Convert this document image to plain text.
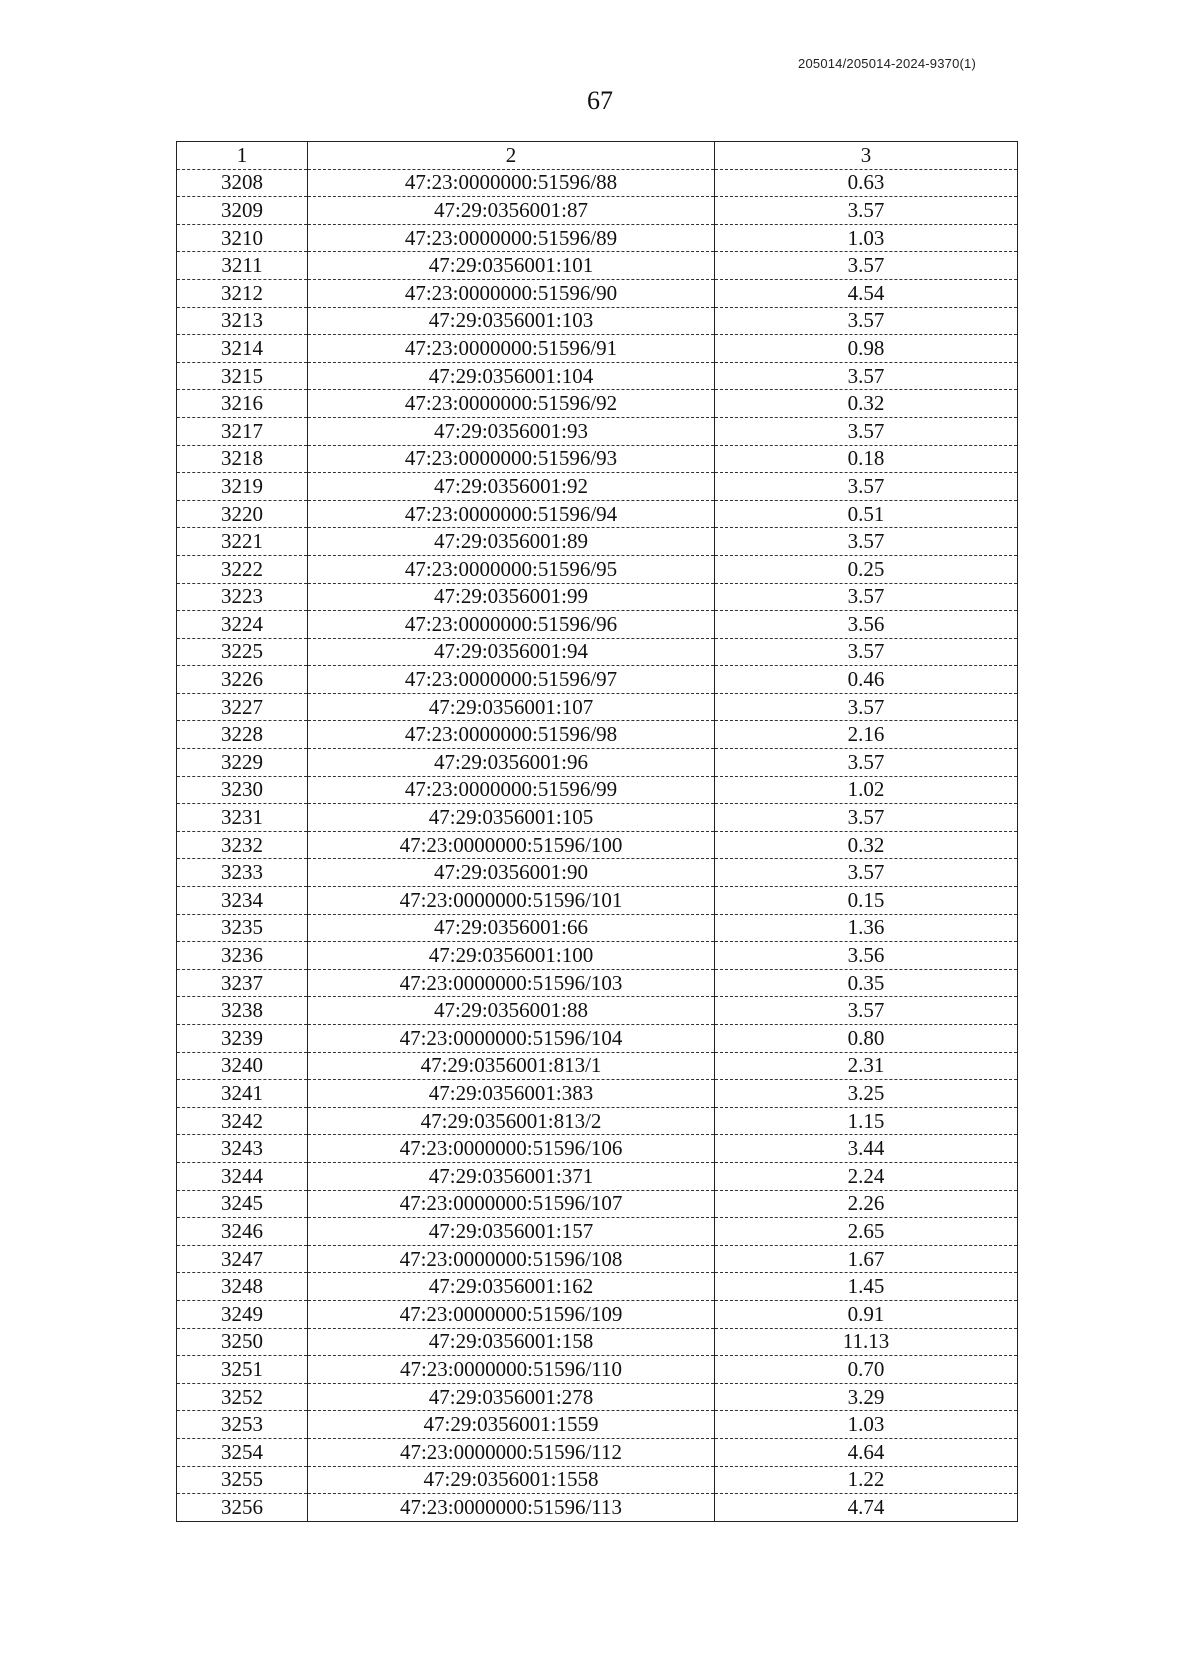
205014/205014-2024-9370(1)
67
1	2	3
3208	47:23:0000000:51596/88	0.63
3209	47:29:0356001:87	3.57
3210	47:23:0000000:51596/89	1.03
3211	47:29:0356001:101	3.57
3212	47:23:0000000:51596/90	4.54
3213	47:29:0356001:103	3.57
3214	47:23:0000000:51596/91	0.98
3215	47:29:0356001:104	3.57
3216	47:23:0000000:51596/92	0.32
3217	47:29:0356001:93	3.57
3218	47:23:0000000:51596/93	0.18
3219	47:29:0356001:92	3.57
3220	47:23:0000000:51596/94	0.51
3221	47:29:0356001:89	3.57
3222	47:23:0000000:51596/95	0.25
3223	47:29:0356001:99	3.57
3224	47:23:0000000:51596/96	3.56
3225	47:29:0356001:94	3.57
3226	47:23:0000000:51596/97	0.46
3227	47:29:0356001:107	3.57
3228	47:23:0000000:51596/98	2.16
3229	47:29:0356001:96	3.57
3230	47:23:0000000:51596/99	1.02
3231	47:29:0356001:105	3.57
3232	47:23:0000000:51596/100	0.32
3233	47:29:0356001:90	3.57
3234	47:23:0000000:51596/101	0.15
3235	47:29:0356001:66	1.36
3236	47:29:0356001:100	3.56
3237	47:23:0000000:51596/103	0.35
3238	47:29:0356001:88	3.57
3239	47:23:0000000:51596/104	0.80
3240	47:29:0356001:813/1	2.31
3241	47:29:0356001:383	3.25
3242	47:29:0356001:813/2	1.15
3243	47:23:0000000:51596/106	3.44
3244	47:29:0356001:371	2.24
3245	47:23:0000000:51596/107	2.26
3246	47:29:0356001:157	2.65
3247	47:23:0000000:51596/108	1.67
3248	47:29:0356001:162	1.45
3249	47:23:0000000:51596/109	0.91
3250	47:29:0356001:158	11.13
3251	47:23:0000000:51596/110	0.70
3252	47:29:0356001:278	3.29
3253	47:29:0356001:1559	1.03
3254	47:23:0000000:51596/112	4.64
3255	47:29:0356001:1558	1.22
3256	47:23:0000000:51596/113	4.74
